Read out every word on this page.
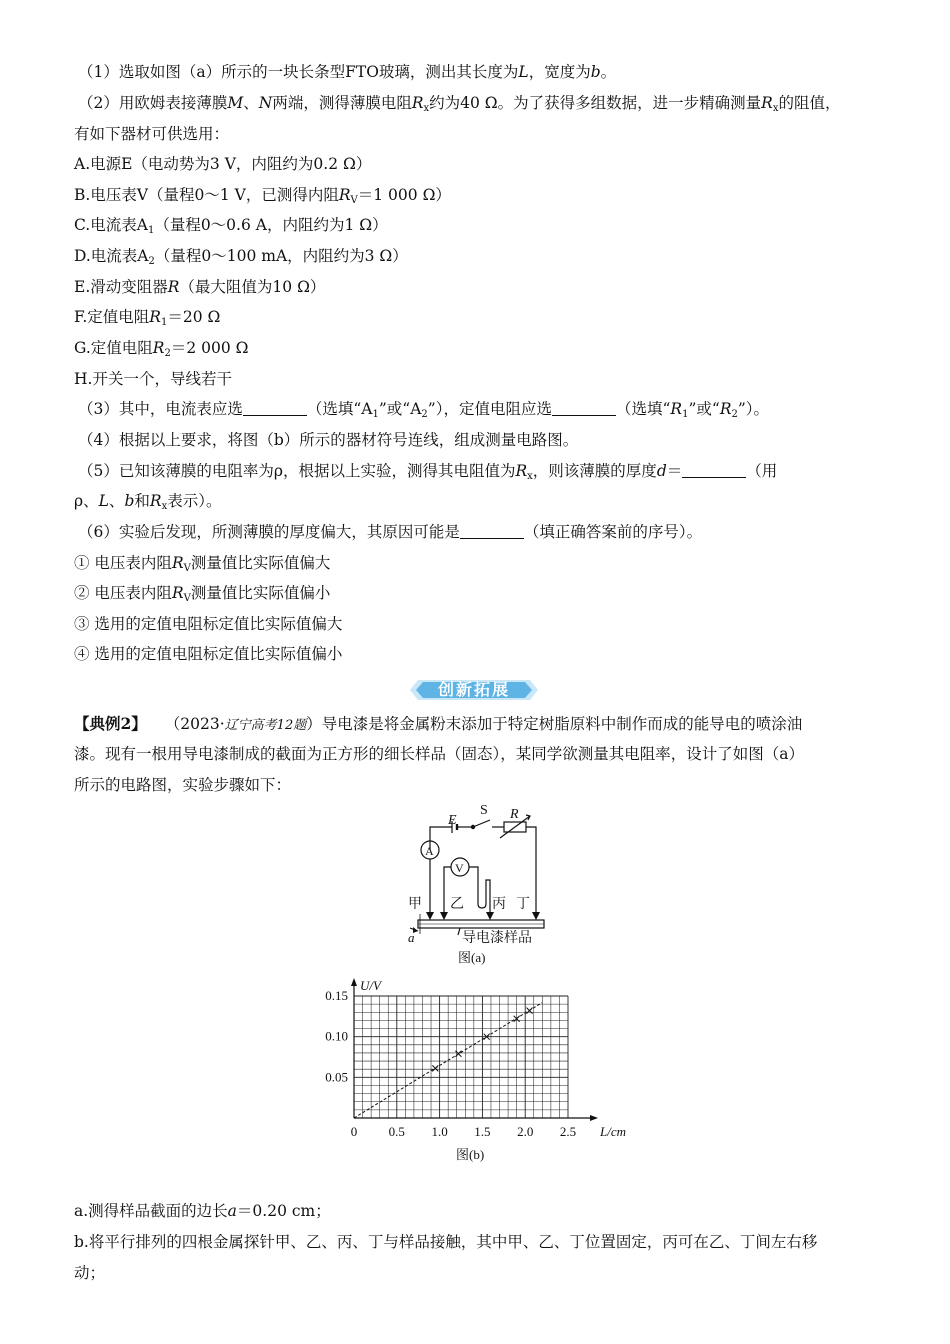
（1）选取如图（a）所示的一块长条型FTO玻璃，测出其长度为L，宽度为b。
（2）用欧姆表接薄膜M、N两端，测得薄膜电阻$R_x$约为40 Ω。为了获得多组数据，进一步精确测量$R_x$的阻值，
有如下器材可供选用：
A.电源E（电动势为3 V，内阻约为0.2 Ω）
B.电压表V（量程0～1 V，已测得内阻$R_V=1$ 000 Ω）
C.电流表$A_1$（量程0～0.6 A，内阻约为1 Ω）
D.电流表$A_2$（量程0～100 mA，内阻约为3 Ω）
E.滑动变阻器R（最大阻值为10 Ω）
F.定值电阻$R_1=20$ Ω
G.定值电阻$R_2=2$ 000 Ω
H.开关一个，导线若干
（3）其中，电流表应选	（选填“$A_1$”或“$A_2$”），定值电阻应选	（选填“$R_1$”或“$R_2$”）。
（4）根据以上要求，将图（b）所示的器材符号连线，组成测量电路图。
（5）已知该薄膜的电阻率为ρ，根据以上实验，测得其电阻值为$R_x$，则该薄膜的厚度d＝	（用
ρ、L、b和$R_x$表示）。
（6）实验后发现，所测薄膜的厚度偏大，其原因可能是	（填正确答案前的序号）。
① 电压表内阻$R_V$测量值比实际值偏大
② 电压表内阻$R_V$测量值比实际值偏小
③ 选用的定值电阻标定值比实际值偏大
④ 选用的定值电阻标定值比实际值偏小
创新拓展
【典例2】 （2023·辽宁高考12题）导电漆是将金属粉末添加于特定树脂原料中制作而成的能导电的喷涂油
漆。现有一根用导电漆制成的截面为正方形的细长样品（固态），某同学欲测量其电阻率，设计了如图（a）
所示的电路图，实验步骤如下：
E
S R
A
V
甲 乙 丙 丁
a	导电漆样品
图(a)
0 0.5 1.0 1.5 2.0 2.5
0.05
0.10
0.15
L/cm
U/V
图(b)
a.测得样品截面的边长a＝0.20 cm；
b.将平行排列的四根金属探针甲、乙、丙、丁与样品接触，其中甲、乙、丁位置固定，丙可在乙、丁间左右移
动；
